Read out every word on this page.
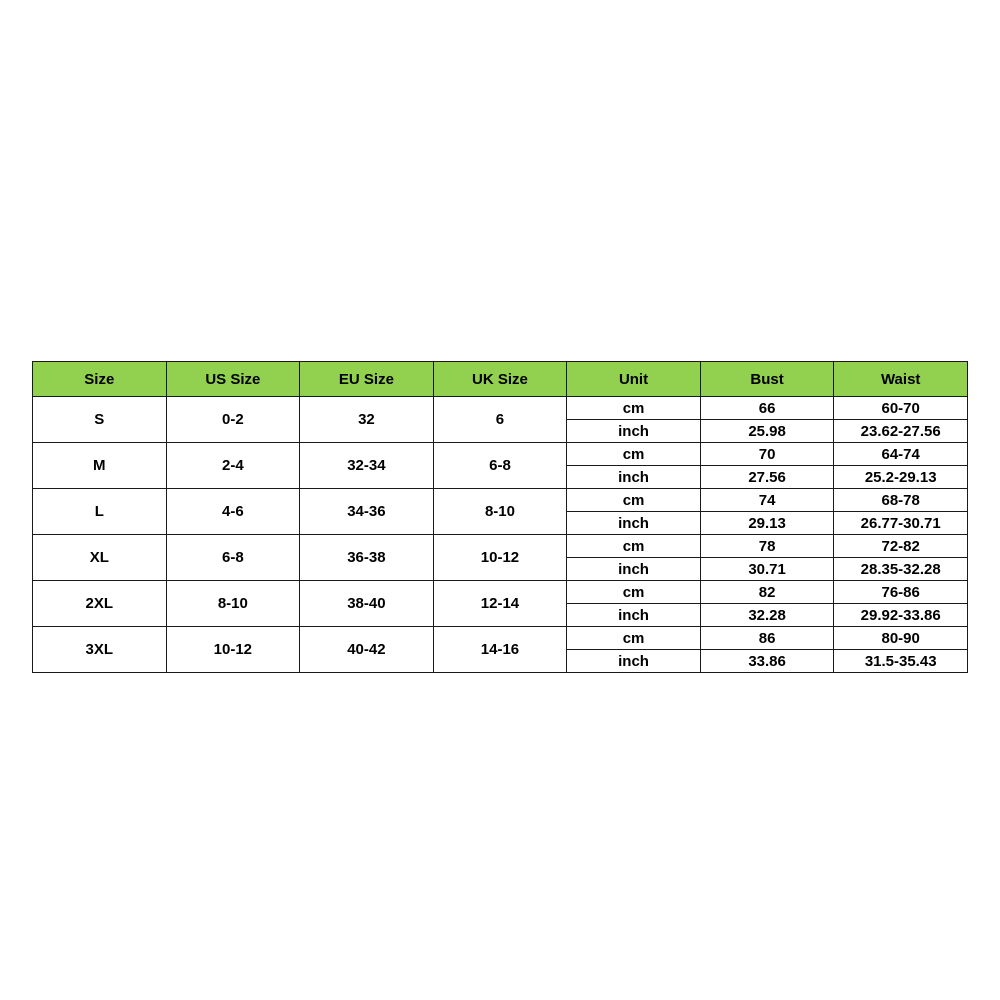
Size	US Size	EU Size	UK Size	Unit	Bust	Waist
S	0-2	32	6	cm	66	60-70
				inch	25.98	23.62-27.56
M	2-4	32-34	6-8	cm	70	64-74
				inch	27.56	25.2-29.13
L	4-6	34-36	8-10	cm	74	68-78
				inch	29.13	26.77-30.71
XL	6-8	36-38	10-12	cm	78	72-82
				inch	30.71	28.35-32.28
2XL	8-10	38-40	12-14	cm	82	76-86
				inch	32.28	29.92-33.86
3XL	10-12	40-42	14-16	cm	86	80-90
				inch	33.86	31.5-35.43
